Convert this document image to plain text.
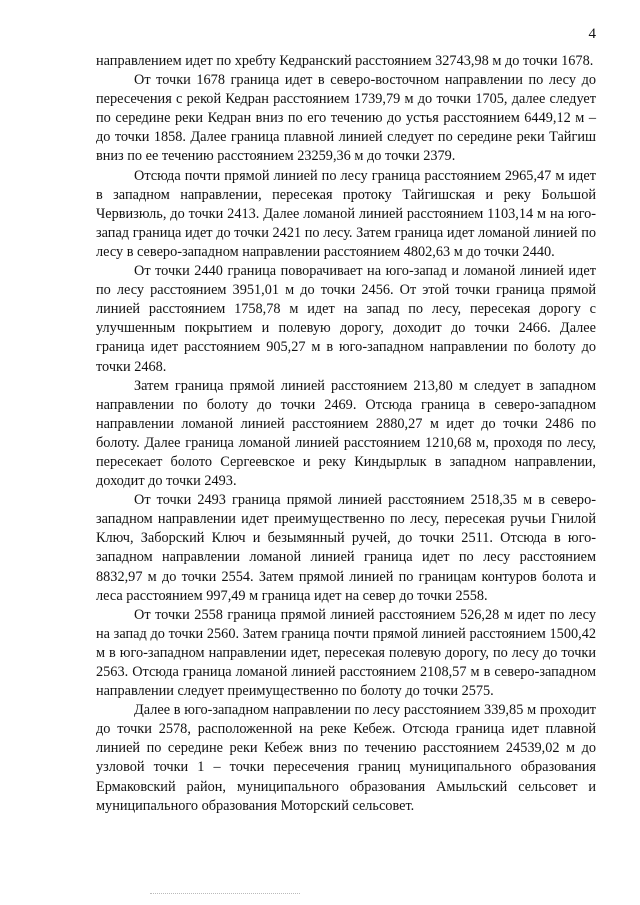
4

направлением идет по хребту Кедранский расстоянием 32743,98 м до точки 1678.

От точки 1678 граница идет в северо-восточном направлении по лесу до пересечения с рекой Кедран расстоянием 1739,79 м до точки 1705, далее следует по середине реки Кедран вниз по его течению до устья расстоянием 6449,12 м – до точки 1858. Далее граница плавной линией следует по середине реки Тайгиш вниз по ее течению расстоянием 23259,36 м до точки 2379.

Отсюда почти прямой линией по лесу граница расстоянием 2965,47 м идет в западном направлении, пересекая протоку Тайгишская и реку Большой Червизюль, до точки 2413. Далее ломаной линией расстоянием 1103,14 м на юго-запад граница идет до точки 2421 по лесу. Затем граница идет ломаной линией по лесу в северо-западном направлении расстоянием 4802,63 м до точки 2440.

От точки 2440 граница поворачивает на юго-запад и ломаной линией идет по лесу расстоянием 3951,01 м до точки 2456. От этой точки граница прямой линией расстоянием 1758,78 м идет на запад по лесу, пересекая дорогу с улучшенным покрытием и полевую дорогу, доходит до точки 2466. Далее граница идет расстоянием 905,27 м в юго-западном направлении по болоту до точки 2468.

Затем граница прямой линией расстоянием 213,80 м следует в западном направлении по болоту до точки 2469. Отсюда граница в северо-западном направлении ломаной линией расстоянием 2880,27 м идет до точки 2486 по болоту. Далее граница ломаной линией расстоянием 1210,68 м, проходя по лесу, пересекает болото Сергеевское и реку Киндырлык в западном направлении, доходит до точки 2493.

От точки 2493 граница прямой линией расстоянием 2518,35 м в северо-западном направлении идет преимущественно по лесу, пересекая ручьи Гнилой Ключ, Заборский Ключ и безымянный ручей, до точки 2511. Отсюда в юго-западном направлении ломаной линией граница идет по лесу расстоянием 8832,97 м до точки 2554. Затем прямой линией по границам контуров болота и леса расстоянием 997,49 м граница идет на север до точки 2558.

От точки 2558 граница прямой линией расстоянием 526,28 м идет по лесу на запад до точки 2560. Затем граница почти прямой линией расстоянием 1500,42 м в юго-западном направлении идет, пересекая полевую дорогу, по лесу до точки 2563. Отсюда граница ломаной линией расстоянием 2108,57 м в северо-западном направлении следует преимущественно по болоту до точки 2575.

Далее в юго-западном направлении по лесу расстоянием 339,85 м проходит до точки 2578, расположенной на реке Кебеж. Отсюда граница идет плавной линией по середине реки Кебеж вниз по течению расстоянием 24539,02 м до узловой точки 1 – точки пересечения границ муниципального образования Ермаковский район, муниципального образования Амыльский сельсовет и муниципального образования Моторский сельсовет.
